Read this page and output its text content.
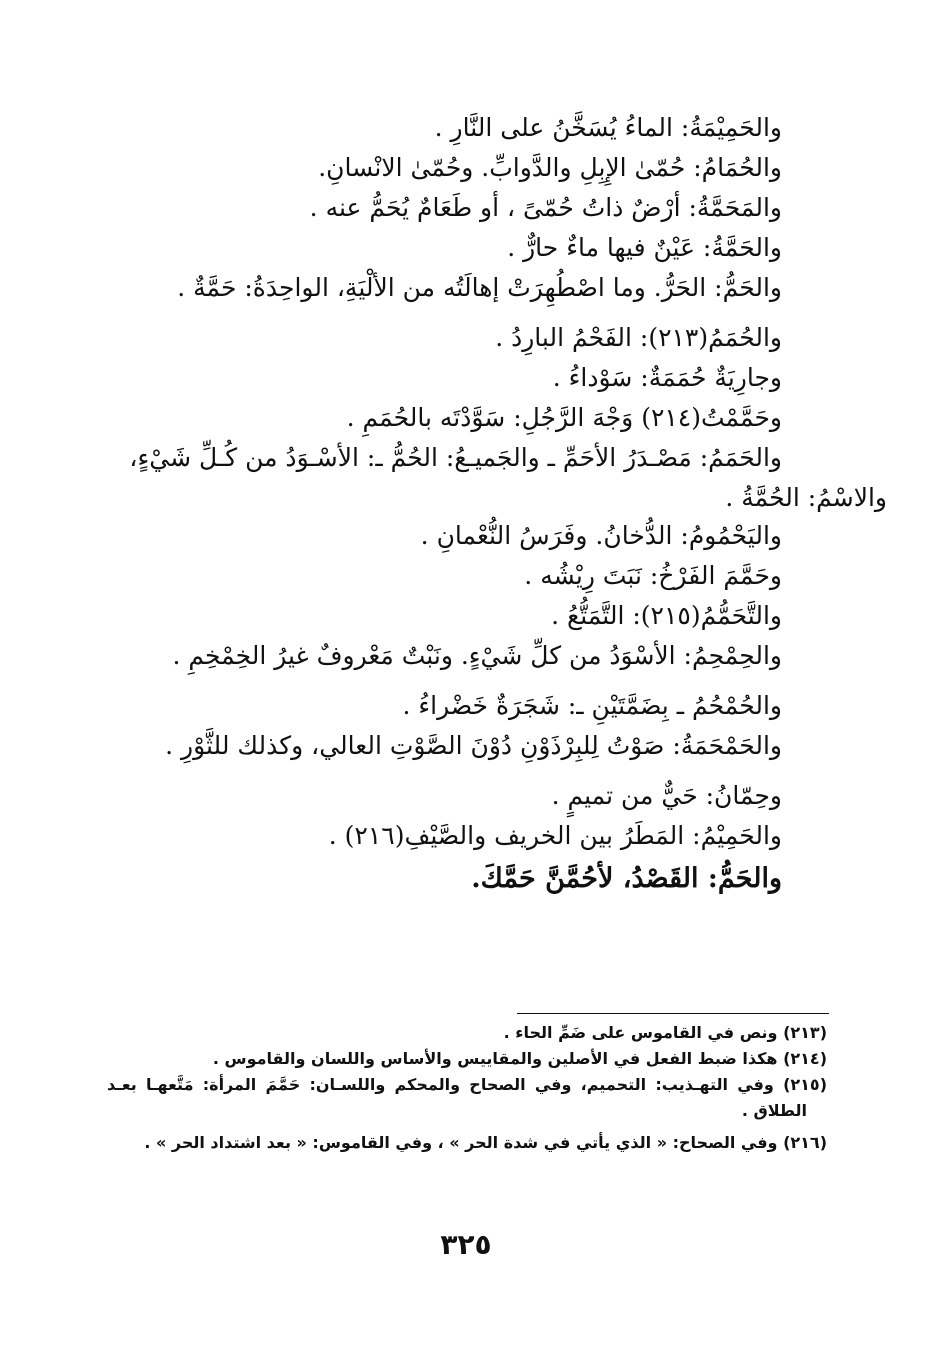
والحَمِيْمَةُ: الماءُ يُسَخَّنُ على النَّارِ .
والحُمَامُ: حُمّىٰ الإِبِلِ والدَّوابِّ. وحُمّىٰ الانْسانِ.
والمَحَمَّةُ: أرْضٌ ذاتُ حُمّىً ، أو طَعَامٌ يُحَمُّ عنه .
والحَمَّةُ: عَيْنٌ فيها ماءٌ حارٌّ .
والحَمُّ: الحَرُّ. وما اصْطُهِرَتْ إهالَتُه من الألْيَةِ، الواحِدَةُ: حَمَّةٌ .
والحُمَمُ(٢١٣): الفَحْمُ البارِدُ .
وجارِيَةٌ حُمَمَةٌ: سَوْداءُ .
وحَمَّمْتُ(٢١٤) وَجْهَ الرَّجُلِ: سَوَّدْتَه بالحُمَمِ .
والحَمَمُ: مَصْـدَرُ الأحَمِّ ـ والجَميـعُ: الحُمُّ ـ: الأسْـوَدُ من كُـلِّ شَيْءٍ،
والاسْمُ: الحُمَّةُ .
واليَحْمُومُ: الدُّخانُ. وفَرَسُ النُّعْمانِ .
وحَمَّمَ الفَرْخُ: نَبَتَ رِيْشُه .
والتَّحَمُّمُ(٢١٥): التَّمَتُّعُ .
والحِمْحِمُ: الأسْوَدُ من كلِّ شَيْءٍ. ونَبْتٌ مَعْروفٌ غيرُ الخِمْخِمِ .
والحُمْحُمُ ـ بِضَمَّتَيْنِ ـ: شَجَرَةٌ خَضْراءُ .
والحَمْحَمَةُ: صَوْتُ لِلبِرْذَوْنِ دُوْنَ الصَّوْتِ العالي، وكذلك للثَّوْرِ .
وحِمّانُ: حَيٌّ من تميمٍ .
والحَمِيْمُ: المَطَرُ بين الخريف والصَّيْفِ(٢١٦) .
والحَمُّ: القَصْدُ، لأحُمَّنَّ حَمَّكَ.
(٢١٣) ونص في القاموس على ضَمِّ الحاء .
(٢١٤) هكذا ضبط الفعل في الأصلين والمقاييس والأساس واللسان والقاموس .
(٢١٥) وفي التهـذيب: التحميم، وفي الصحاح والمحكم واللسـان: حَمَّمَ المرأة: مَتَّعهـا بعـد
الطلاق .
(٢١٦) وفي الصحاح: « الذي يأتي في شدة الحر » ، وفي القاموس: « بعد اشتداد الحر » .
٣٢٥
